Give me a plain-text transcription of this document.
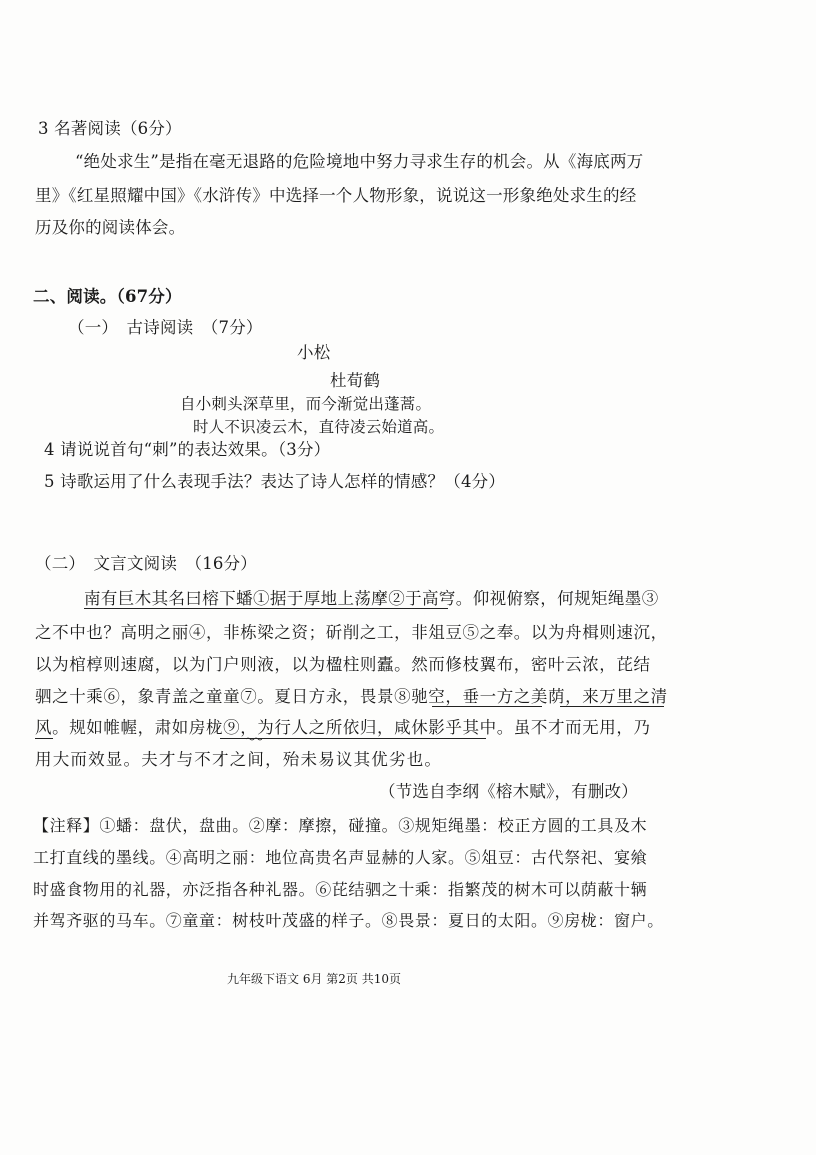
3 名著阅读（6分）
“绝处求生”是指在毫无退路的危险境地中努力寻求生存的机会。从《海底两万
里》《红星照耀中国》《水浒传》中选择一个人物形象，说说这一形象绝处求生的经
历及你的阅读体会。
二、阅读。（67分）
（一）　古诗阅读　（7分）
小松
杜荀鹤
自小刺头深草里，而今渐觉出蓬蒿。
时人不识凌云木，直待凌云始道高。
4 请说说首句“刺”的表达效果。（3分）
5 诗歌运用了什么表现手法？表达了诗人怎样的情感？（4分）
（二）　文言文阅读　（16分）
南有巨木其名曰榕下蟠①据于厚地上荡摩②于高穹。仰视俯察，何规矩绳墨③
之不中也？高明之丽④，非栋梁之资；斫削之工，非俎豆⑤之奉。以为舟楫则速沉，
以为棺椁则速腐，以为门户则液，以为楹柱则蠹。然而修枝翼布，密叶云浓，芘结
驷之十乘⑥，象青盖之童童⑦。夏日方永，畏景⑧驰空，垂一方之美荫，来万里之清
风。规如帷幄，肃如房栊⑨，为行人之所依归，咸休影乎其中。虽不才而无用，乃
用大而效显。夫才与不才之间，殆未易议其优劣也。
（节选自李纲《榕木赋》，有删改）
【注释】①蟠：盘伏，盘曲。②摩：摩擦，碰撞。③规矩绳墨：校正方圆的工具及木
工打直线的墨线。④高明之丽：地位高贵名声显赫的人家。⑤俎豆：古代祭祀、宴飨
时盛食物用的礼器，亦泛指各种礼器。⑥芘结驷之十乘：指繁茂的树木可以荫蔽十辆
并驾齐驱的马车。⑦童童：树枝叶茂盛的样子。⑧畏景：夏日的太阳。⑨房栊：窗户。
九年级下语文 6月 第2页 共10页
